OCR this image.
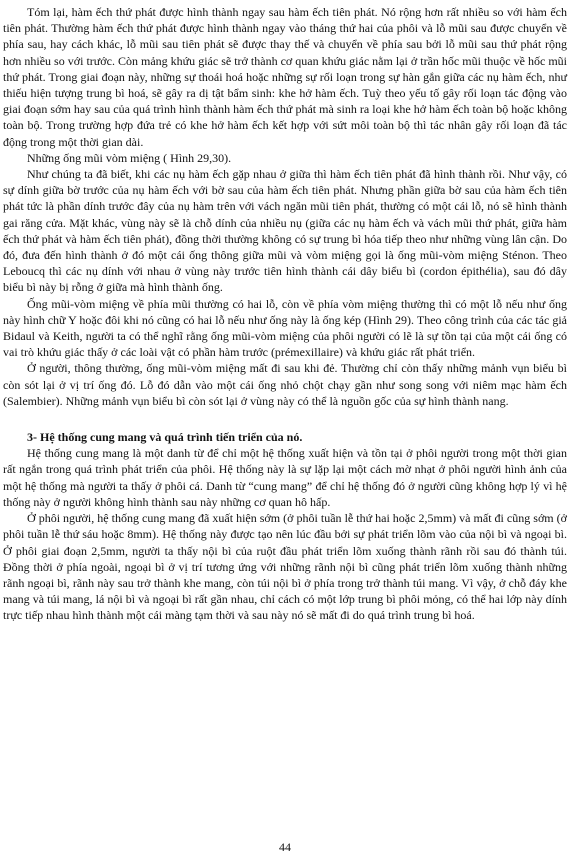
Tóm lại, hàm ếch thứ phát được hình thành ngay sau hàm ếch tiên phát. Nó rộng hơn rất nhiều so với hàm ếch tiên phát. Thường hàm ếch thứ phát được hình thành ngay vào tháng thứ hai của phôi và lỗ mũi sau được chuyển về phía sau, hay cách khác, lỗ mũi sau tiên phát sẽ được thay thế và chuyển về phía sau bởi lỗ mũi sau thứ phát rộng hơn nhiều so với trước. Còn mảng khứu giác sẽ trở thành cơ quan khứu giác nằm lại ở trần hốc mũi thuộc về hốc mũi thứ phát. Trong giai đoạn này, những sự thoái hoá hoặc những sự rối loạn trong sự hàn gắn giữa các nụ hàm ếch, như thiếu hiện tượng trung bì hoá, sẽ gây ra dị tật bẩm sinh: khe hở hàm ếch. Tuỳ theo yếu tố gây rối loạn tác động vào giai đoạn sớm hay sau của quá trình hình thành hàm ếch thứ phát mà sinh ra loại khe hở hàm ếch toàn bộ hoặc không toàn bộ. Trong trường hợp đứa trẻ có khe hở hàm ếch kết hợp với sứt môi toàn bộ thì tác nhân gây rối loạn đã tác động trong một thời gian dài.

Những ống mũi vòm miệng ( Hình 29,30).

Như chúng ta đã biết, khi các nụ hàm ếch gặp nhau ở giữa thì hàm ếch tiên phát đã hình thành rồi. Như vậy, có sự dính giữa bờ trước của nụ hàm ếch với bờ sau của hàm ếch tiên phát. Nhưng phần giữa bờ sau của hàm ếch tiên phát tức là phần dính trước đây của nụ hàm trên với vách ngăn mũi tiên phát, thường có một cái lỗ, nó sẽ hình thành gai răng cửa. Mặt khác, vùng này sẽ là chỗ dính của nhiều nụ (giữa các nụ hàm ếch và vách mũi thứ phát, giữa hàm ếch thứ phát và hàm ếch tiên phát), đồng thời thường không có sự trung bì hóa tiếp theo như những vùng lân cận. Do đó, đưa đến hình thành ở đó một cái ống thông giữa mũi và vòm miệng gọi là ống mũi-vòm miệng Sténon. Theo Leboucq thì các nụ dính với nhau ở vùng này trước tiên hình thành cái dây biểu bì (cordon épithélia), sau đó dây biểu bì này bị rỗng ở giữa mà hình thành ống.

Ống mũi-vòm miệng về phía mũi thường có hai lỗ, còn về phía vòm miệng thường thì có một lỗ nếu như ống này hình chữ Y hoặc đôi khi nó cũng có hai lỗ nếu như ống này là ống kép (Hình 29). Theo công trình của các tác giả Bidaul và Keith, người ta có thể nghĩ rằng ống mũi-vòm miệng của phôi người có lẽ là sự tồn tại của một cái ống có vai trò khứu giác thấy ở các loài vật có phần hàm trước (prémexillaire) và khứu giác rất phát triển.

Ở người, thông thường, ống mũi-vòm miệng mất đi sau khi đẻ. Thường chỉ còn thấy những mảnh vụn biểu bì còn sót lại ở vị trí ống đó. Lỗ đó dẫn vào một cái ống nhỏ chột chạy gần như song song với niêm mạc hàm ếch (Salembier). Những mảnh vụn biểu bì còn sót lại ở vùng này có thể là nguồn gốc của sự hình thành nang.

3- Hệ thống cung mang và quá trình tiến triển của nó.

Hệ thống cung mang là một danh từ để chỉ một hệ thống xuất hiện và tồn tại ở phôi người trong một thời gian rất ngắn trong quá trình phát triển của phôi. Hệ thống này là sự lặp lại một cách mờ nhạt ở phôi người hình ảnh của một hệ thống mà người ta thấy ở phôi cá. Danh từ “cung mang” để chỉ hệ thống đó ở người cũng không hợp lý vì hệ thống này ở người không hình thành sau này những cơ quan hô hấp.

Ở phôi người, hệ thống cung mang đã xuất hiện sớm (ở phôi tuần lễ thứ hai hoặc 2,5mm) và mất đi cũng sớm (ở phôi tuần lễ thứ sáu hoặc 8mm). Hệ thống này được tạo nên lúc đầu bởi sự phát triển lõm vào của nội bì và ngoại bì. Ở phôi giai đoạn 2,5mm, người ta thấy nội bì của ruột đầu phát triển lõm xuống thành rãnh rồi sau đó thành túi. Đồng thời ở phía ngoài, ngoại bì ở vị trí tương ứng với những rãnh nội bì cũng phát triển lõm xuống thành những rãnh ngoại bì, rãnh này sau trở thành khe mang, còn túi nội bì ở phía trong trở thành túi mang. Vì vậy, ở chỗ đáy khe mang và túi mang, lá nội bì và ngoại bì rất gần nhau, chỉ cách có một lớp trung bì phôi mỏng, có thể hai lớp này dính trực tiếp nhau hình thành một cái màng tạm thời và sau này nó sẽ mất đi do quá trình trung bì hoá.

44
